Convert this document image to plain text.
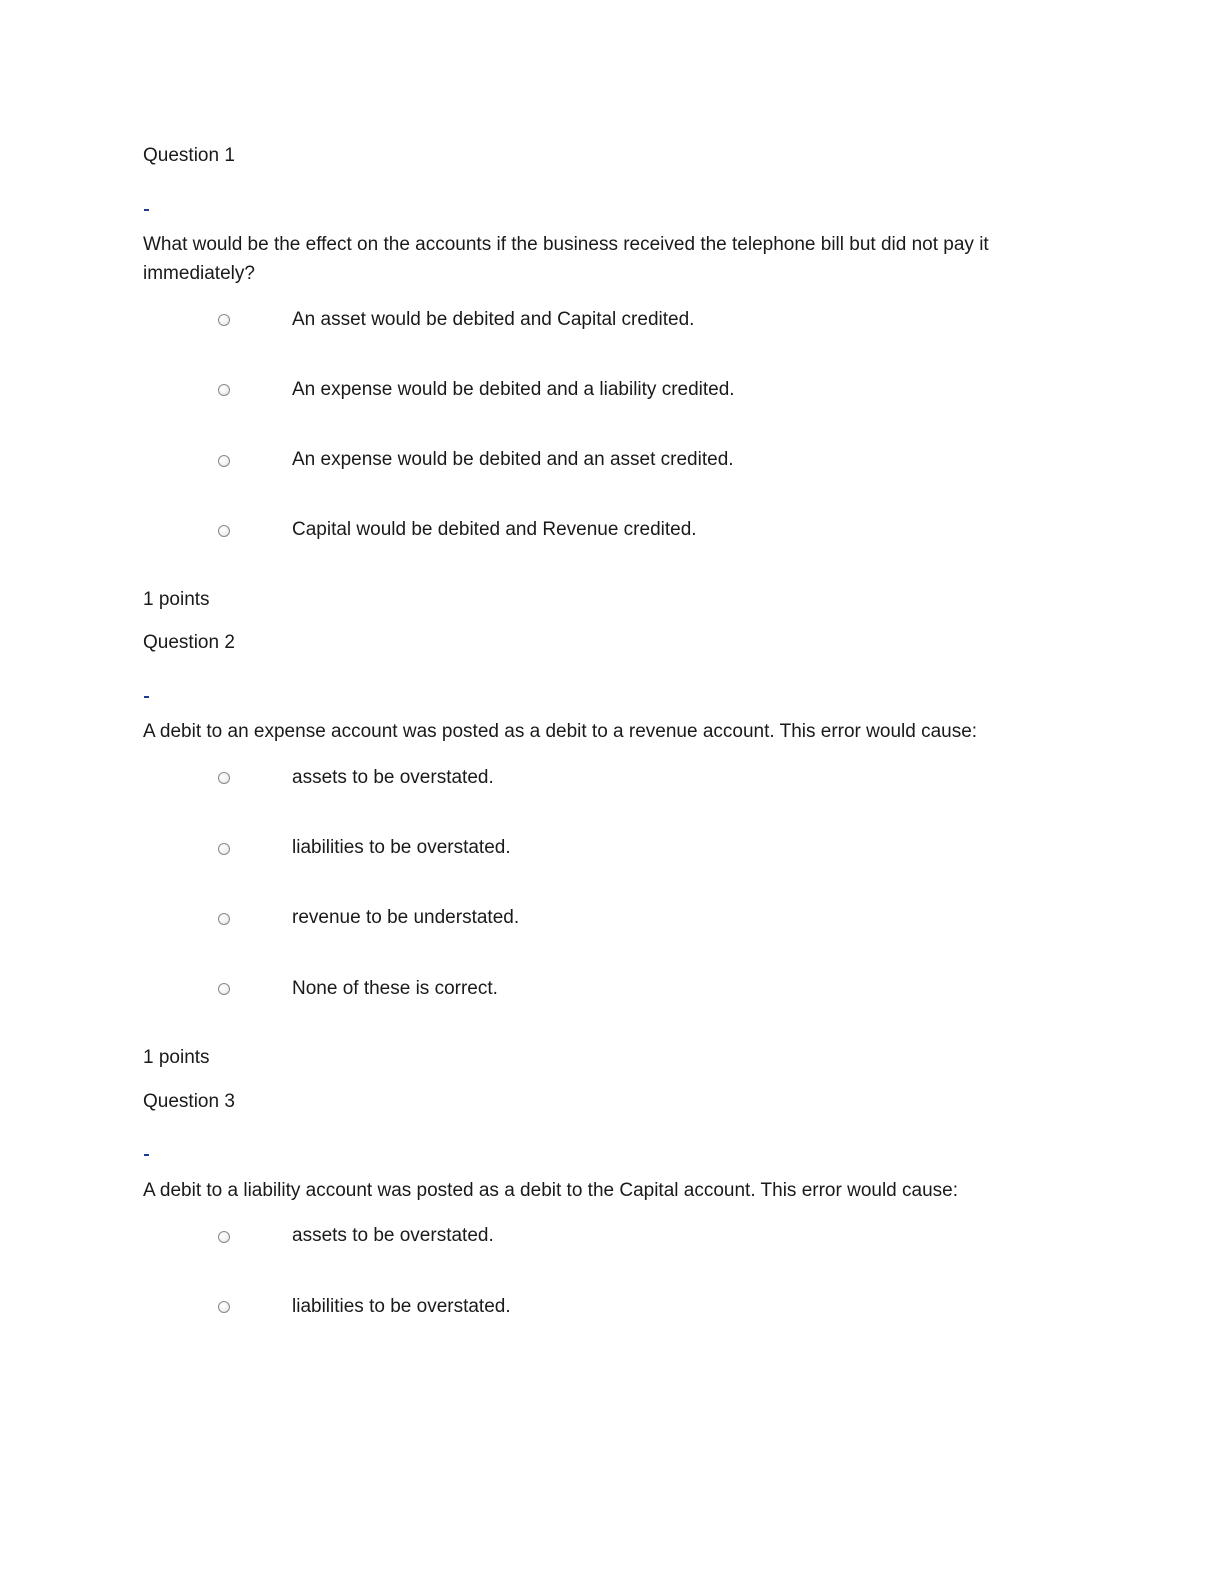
Question 1
What would be the effect on the accounts if the business received the telephone bill but did not pay it immediately?
An asset would be debited and Capital credited.
An expense would be debited and a liability credited.
An expense would be debited and an asset credited.
Capital would be debited and Revenue credited.
1 points
Question 2
A debit to an expense account was posted as a debit to a revenue account. This error would cause:
assets to be overstated.
liabilities to be overstated.
revenue to be understated.
None of these is correct.
1 points
Question 3
A debit to a liability account was posted as a debit to the Capital account. This error would cause:
assets to be overstated.
liabilities to be overstated.
